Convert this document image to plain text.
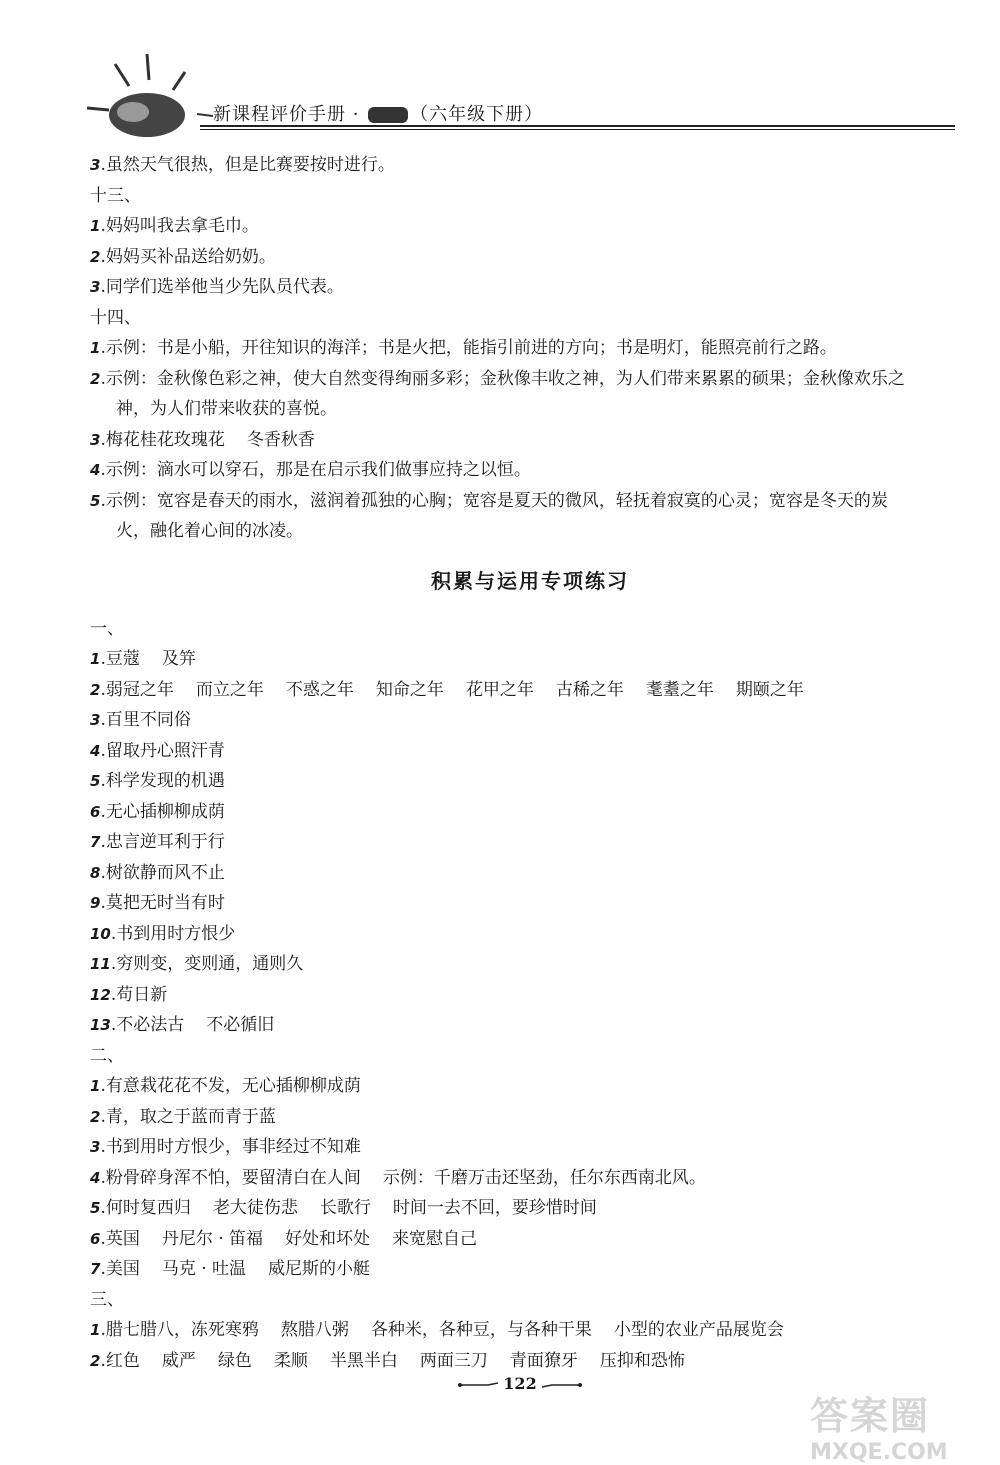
新课程评价手册 · （六年级下册）
3.虽然天气很热，但是比赛要按时进行。
十三、
1.妈妈叫我去拿毛巾。
2.妈妈买补品送给奶奶。
3.同学们选举他当少先队员代表。
十四、
1.示例：书是小船，开往知识的海洋；书是火把，能指引前进的方向；书是明灯，能照亮前行之路。
2.示例：金秋像色彩之神，使大自然变得绚丽多彩；金秋像丰收之神，为人们带来累累的硕果；金秋像欢乐之
神，为人们带来收获的喜悦。
3.梅花桂花玫瑰花 冬香秋香
4.示例：滴水可以穿石，那是在启示我们做事应持之以恒。
5.示例：宽容是春天的雨水，滋润着孤独的心胸；宽容是夏天的微风，轻抚着寂寞的心灵；宽容是冬天的炭
火，融化着心间的冰凌。
积累与运用专项练习
一、
1.豆蔻 及笄
2.弱冠之年 而立之年 不惑之年 知命之年 花甲之年 古稀之年 耄耋之年 期颐之年
3.百里不同俗
4.留取丹心照汗青
5.科学发现的机遇
6.无心插柳柳成荫
7.忠言逆耳利于行
8.树欲静而风不止
9.莫把无时当有时
10.书到用时方恨少
11.穷则变，变则通，通则久
12.苟日新
13.不必法古 不必循旧
二、
1.有意栽花花不发，无心插柳柳成荫
2.青，取之于蓝而青于蓝
3.书到用时方恨少，事非经过不知难
4.粉骨碎身浑不怕，要留清白在人间 示例：千磨万击还坚劲，任尔东西南北风。
5.何时复西归 老大徒伤悲 长歌行 时间一去不回，要珍惜时间
6.英国 丹尼尔 · 笛福 好处和坏处 来宽慰自己
7.美国 马克 · 吐温 威尼斯的小艇
三、
1.腊七腊八，冻死寒鸦 熬腊八粥 各种米，各种豆，与各种干果 小型的农业产品展览会
2.红色 威严 绿色 柔顺 半黑半白 两面三刀 青面獠牙 压抑和恐怖
122
答案圈
MXQE.COM
